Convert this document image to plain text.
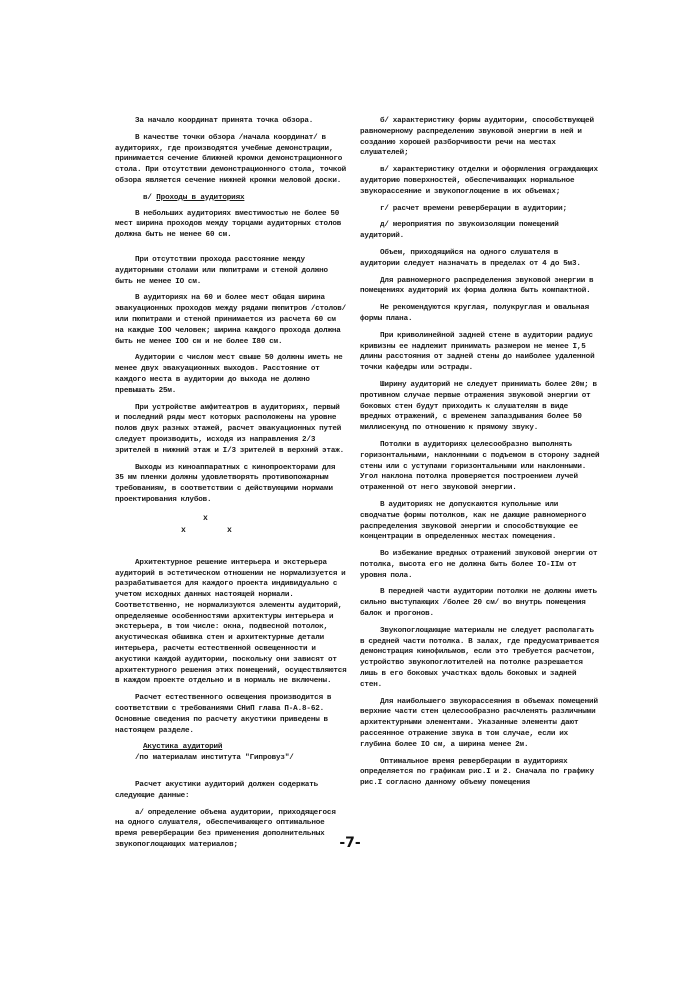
За начало координат принята точка обзора.

В качестве точки обзора /начала координат/ в аудиториях, где производятся учебные демонстрации, принимается сечение ближней кромки демонстрационного стола. При отсутствии демонстрационного стола, точкой обзора является сечение нижней кромки меловой доски.

в/ Проходы в аудиториях

В небольших аудиториях вместимостью не более 50 мест ширина проходов между торцами аудиторных столов должна быть не менее 60 см.

При отсутствии прохода расстояние между аудиторными столами или пюпитрами и стеной должно быть не менее IO см.

В аудиториях на 60 и более мест общая ширина эвакуационных проходов между рядами пюпитров /столов/ или пюпитрами и стеной принимается из расчета 60 см на каждые IOO человек; ширина каждого прохода должна быть не менее IOO см и не более I80 см.

Аудитории с числом мест свыше 50 должны иметь не менее двух эвакуационных выходов. Расстояние от каждого места в аудитории до выхода не должно превышать 25м.

При устройстве амфитеатров в аудиториях, первый и последний ряды мест которых расположены на уровне полов двух разных этажей, расчет эвакуационных путей следует производить, исходя из направления 2/3 зрителей в нижний этаж и I/3 зрителей в верхний этаж.

Выходы из киноаппаратных с кинопроекторами для 35 мм пленки должны удовлетворять противопожарным требованиям, в соответствии с действующими нормами проектирования клубов.

x
x	x

Архитектурное решение интерьера и экстерьера аудиторий в эстетическом отношении не нормализуется и разрабатывается для каждого проекта индивидуально с учетом исходных данных настоящей нормали. Соответственно, не нормализуются элементы аудиторий, определяемые особенностями архитектуры интерьера и экстерьера, в том числе: окна, подвесной потолок, акустическая обшивка стен и архитектурные детали интерьера, расчеты естественной освещенности и акустики каждой аудитории, поскольку они зависят от архитектурного решения этих помещений, осуществляются в каждом проекте отдельно и в нормаль не включены.

Расчет естественного освещения производится в соответствии с требованиями СНиП глава П-А.8-62. Основные сведения по расчету акустики приведены в настоящем разделе.

Акустика аудиторий

/по материалам института "Гипровуз"/

Расчет акустики аудиторий должен содержать следующие данные:

а/ определение объема аудитории, приходящегося на одного слушателя, обеспечивающего оптимальное время реверберации без применения дополнительных звукопоглощающих материалов;

б/ характеристику формы аудитории, способствующей равномерному распределению звуковой энергии в ней и созданию хорошей разборчивости речи на местах слушателей;

в/ характеристику отделки и оформления ограждающих аудиторию поверхностей, обеспечивающих нормальное звукорассеяние и звукопоглощение в их объемах;

г/ расчет времени реверберации в аудитории;

д/ мероприятия по звукоизоляции помещений аудиторий.

Объем, приходящийся на одного слушателя в аудитории следует назначать в пределах от 4 до 5м3.

Для равномерного распределения звуковой энергии в помещениях аудиторий их форма должна быть компактной.

Не рекомендуются круглая, полукруглая и овальная формы плана.

При криволинейной задней стене в аудитории радиус кривизны ее надлежит принимать размером не менее I,5 длины расстояния от задней стены до наиболее удаленной точки кафедры или эстрады.

Ширину аудиторий не следует принимать более 20м; в противном случае первые отражения звуковой энергии от боковых стен будут приходить к слушателям в виде вредных отражений, с временем запаздывания более 50 миллисекунд по отношению к прямому звуку.

Потолки в аудиториях целесообразно выполнять горизонтальными, наклонными с подъемом в сторону задней стены или с уступами горизонтальными или наклонными. Угол наклона потолка проверяется построением лучей отраженной от него звуковой энергии.

В аудиториях не допускаются купольные или сводчатые формы потолков, как не дающие равномерного распределения звуковой энергии и способствующие ее концентрации в определенных местах помещения.

Во избежание вредных отражений звуковой энергии от потолка, высота его не должна быть более IO-IIм от уровня пола.

В передней части аудитории потолки не должны иметь сильно выступающих /более 20 см/ во внутрь помещения балок и прогонов.

Звукопоглощающие материалы не следует располагать в средней части потолка. В залах, где предусматривается демонстрация кинофильмов, если это требуется расчетом, устройство звукопоглотителей на потолке разрешается лишь в его боковых участках вдоль боковых и задней стен.

Для наибольшего звукорассеяния в объемах помещений верхние части стен целесообразно расчленять различными архитектурными элементами. Указанные элементы дают рассеянное отражение звука в том случае, если их глубина более IO см, а ширина менее 2м.

Оптимальное время реверберации в аудиториях определяется по графикам рис.I и 2. Сначала по графику рис.I согласно данному объему помещения

-7-
